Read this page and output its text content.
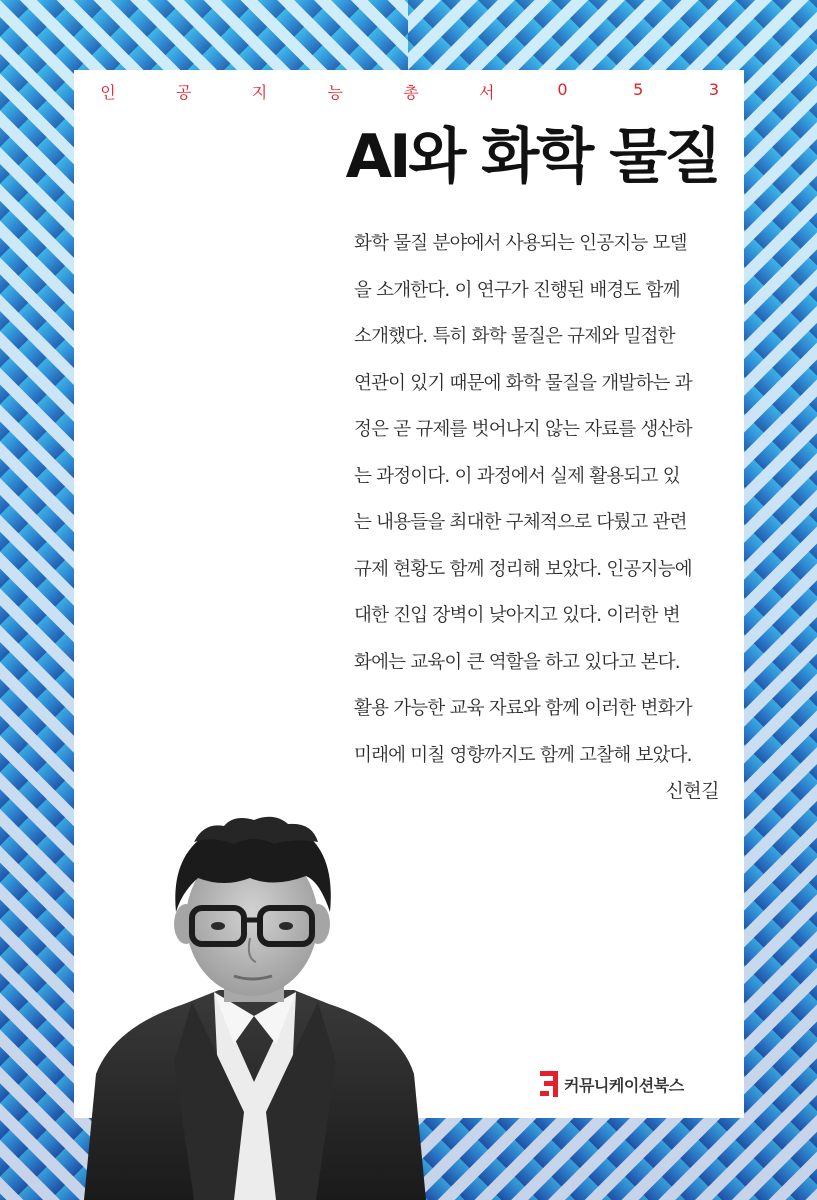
인	공	지	능	총	서	0	5	3
AI와 화학 물질
화학 물질 분야에서 사용되는 인공지능 모델
을 소개한다. 이 연구가 진행된 배경도 함께
소개했다. 특히 화학 물질은 규제와 밀접한
연관이 있기 때문에 화학 물질을 개발하는 과
정은 곧 규제를 벗어나지 않는 자료를 생산하
는 과정이다. 이 과정에서 실제 활용되고 있
는 내용들을 최대한 구체적으로 다뤘고 관련
규제 현황도 함께 정리해 보았다. 인공지능에
대한 진입 장벽이 낮아지고 있다. 이러한 변
화에는 교육이 큰 역할을 하고 있다고 본다.
활용 가능한 교육 자료와 함께 이러한 변화가
미래에 미칠 영향까지도 함께 고찰해 보았다.
신현길
커뮤니케이션북스
